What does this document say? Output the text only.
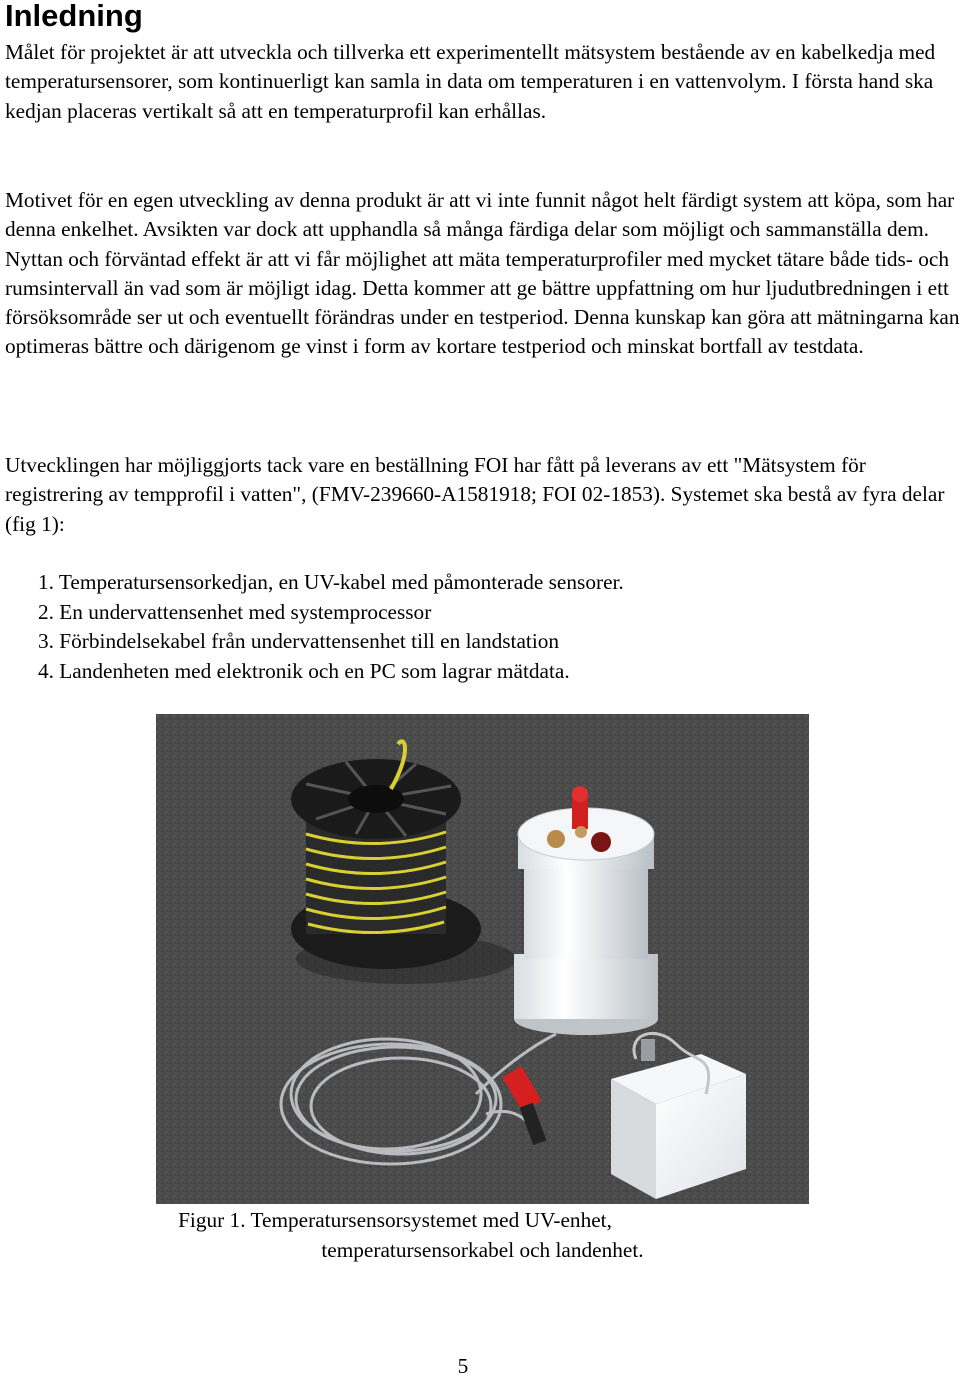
Inledning

Målet för projektet är att utveckla och tillverka ett experimentellt mätsystem bestående av en kabelkedja med temperatursensorer, som kontinuerligt kan samla in data om temperaturen i en vattenvolym. I första hand ska kedjan placeras vertikalt så att en temperaturprofil kan erhållas.

Motivet för en egen utveckling av denna produkt är att vi inte funnit något helt färdigt system att köpa, som har denna enkelhet. Avsikten var dock att upphandla så många färdiga delar som möjligt och sammanställa dem. Nyttan och förväntad effekt är att vi får möjlighet att mäta temperaturprofiler med mycket tätare både tids- och rumsintervall än vad som är möjligt idag. Detta kommer att ge bättre uppfattning om hur ljudutbredningen i ett försöksområde ser ut och eventuellt förändras under en testperiod. Denna kunskap kan göra att mätningarna kan optimeras bättre och därigenom ge vinst i form av kortare testperiod och minskat bortfall av testdata.

Utvecklingen har möjliggjorts tack vare en beställning FOI har fått på leverans av ett "Mätsystem för registrering av tempprofil i vatten", (FMV-239660-A1581918; FOI 02-1853). Systemet ska bestå av fyra delar (fig 1):

1. Temperatursensorkedjan, en UV-kabel med påmonterade sensorer.
2. En undervattensenhet med systemprocessor
3. Förbindelsekabel från undervattensenhet till en landstation
4. Landenheten med elektronik och en PC som lagrar mätdata.

Figur 1. Temperatursensorsystemet med UV-enhet,
temperatursensorkabel och landenhet.

5
